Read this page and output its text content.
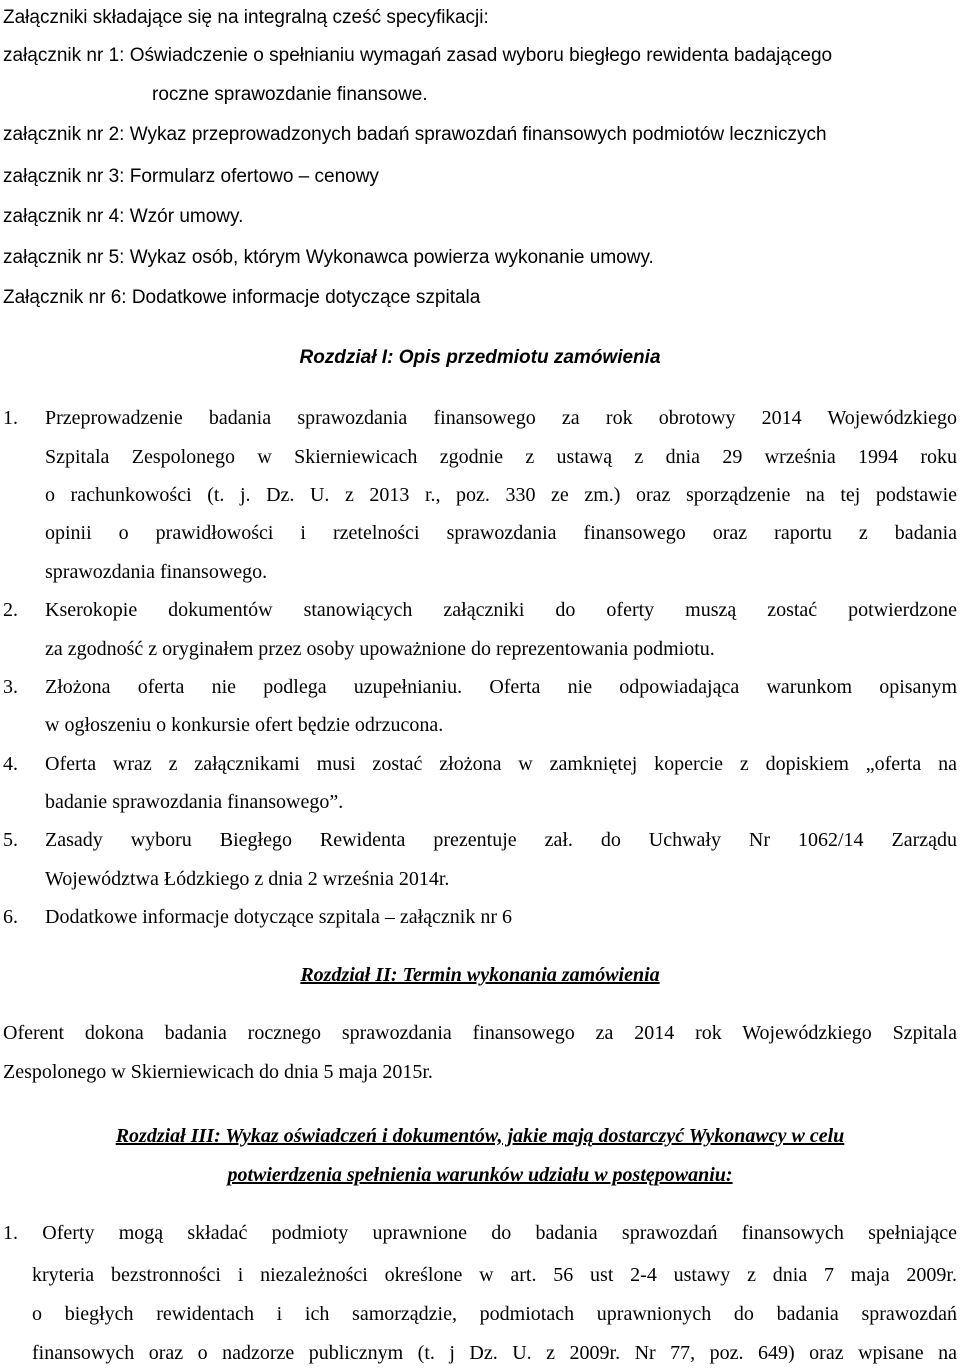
Załączniki składające się na integralną cześć specyfikacji:
załącznik nr 1: Oświadczenie o spełnianiu wymagań zasad wyboru biegłego rewidenta badającego
roczne sprawozdanie finansowe.
załącznik nr 2: Wykaz przeprowadzonych badań sprawozdań finansowych podmiotów leczniczych
załącznik nr 3: Formularz ofertowo – cenowy
załącznik nr 4: Wzór umowy.
załącznik nr 5: Wykaz osób, którym Wykonawca powierza wykonanie umowy.
Załącznik nr 6: Dodatkowe informacje dotyczące szpitala
Rozdział I: Opis przedmiotu zamówienia
1. Przeprowadzenie badania sprawozdania finansowego za rok obrotowy 2014 Wojewódzkiego
Szpitala Zespolonego w Skierniewicach zgodnie z ustawą z dnia 29 września 1994 roku
o rachunkowości (t. j. Dz. U. z 2013 r., poz. 330 ze zm.) oraz sporządzenie na tej podstawie
opinii o prawidłowości i rzetelności sprawozdania finansowego oraz raportu z badania
sprawozdania finansowego.
2. Kserokopie dokumentów stanowiących załączniki do oferty muszą zostać potwierdzone
za zgodność z oryginałem przez osoby upoważnione do reprezentowania podmiotu.
3. Złożona oferta nie podlega uzupełnianiu. Oferta nie odpowiadająca warunkom opisanym
w ogłoszeniu o konkursie ofert będzie odrzucona.
4. Oferta wraz z załącznikami musi zostać złożona w zamkniętej kopercie z dopiskiem „oferta na
badanie sprawozdania finansowego”.
5. Zasady wyboru Biegłego Rewidenta prezentuje zał. do Uchwały Nr 1062/14 Zarządu
Województwa Łódzkiego z dnia 2 września 2014r.
6. Dodatkowe informacje dotyczące szpitala – załącznik nr 6
Rozdział II: Termin wykonania zamówienia
Oferent dokona badania rocznego sprawozdania finansowego za 2014 rok Wojewódzkiego Szpitala
Zespolonego w Skierniewicach do dnia 5 maja 2015r.
Rozdział III: Wykaz oświadczeń i dokumentów, jakie mają dostarczyć Wykonawcy w celu
potwierdzenia spełnienia warunków udziału w postępowaniu:
1. Oferty mogą składać podmioty uprawnione do badania sprawozdań finansowych spełniające
kryteria bezstronności i niezależności określone w art. 56 ust 2-4 ustawy z dnia 7 maja 2009r.
o biegłych rewidentach i ich samorządzie, podmiotach uprawnionych do badania sprawozdań
finansowych oraz o nadzorze publicznym (t. j Dz. U. z 2009r. Nr 77, poz. 649) oraz wpisane na
